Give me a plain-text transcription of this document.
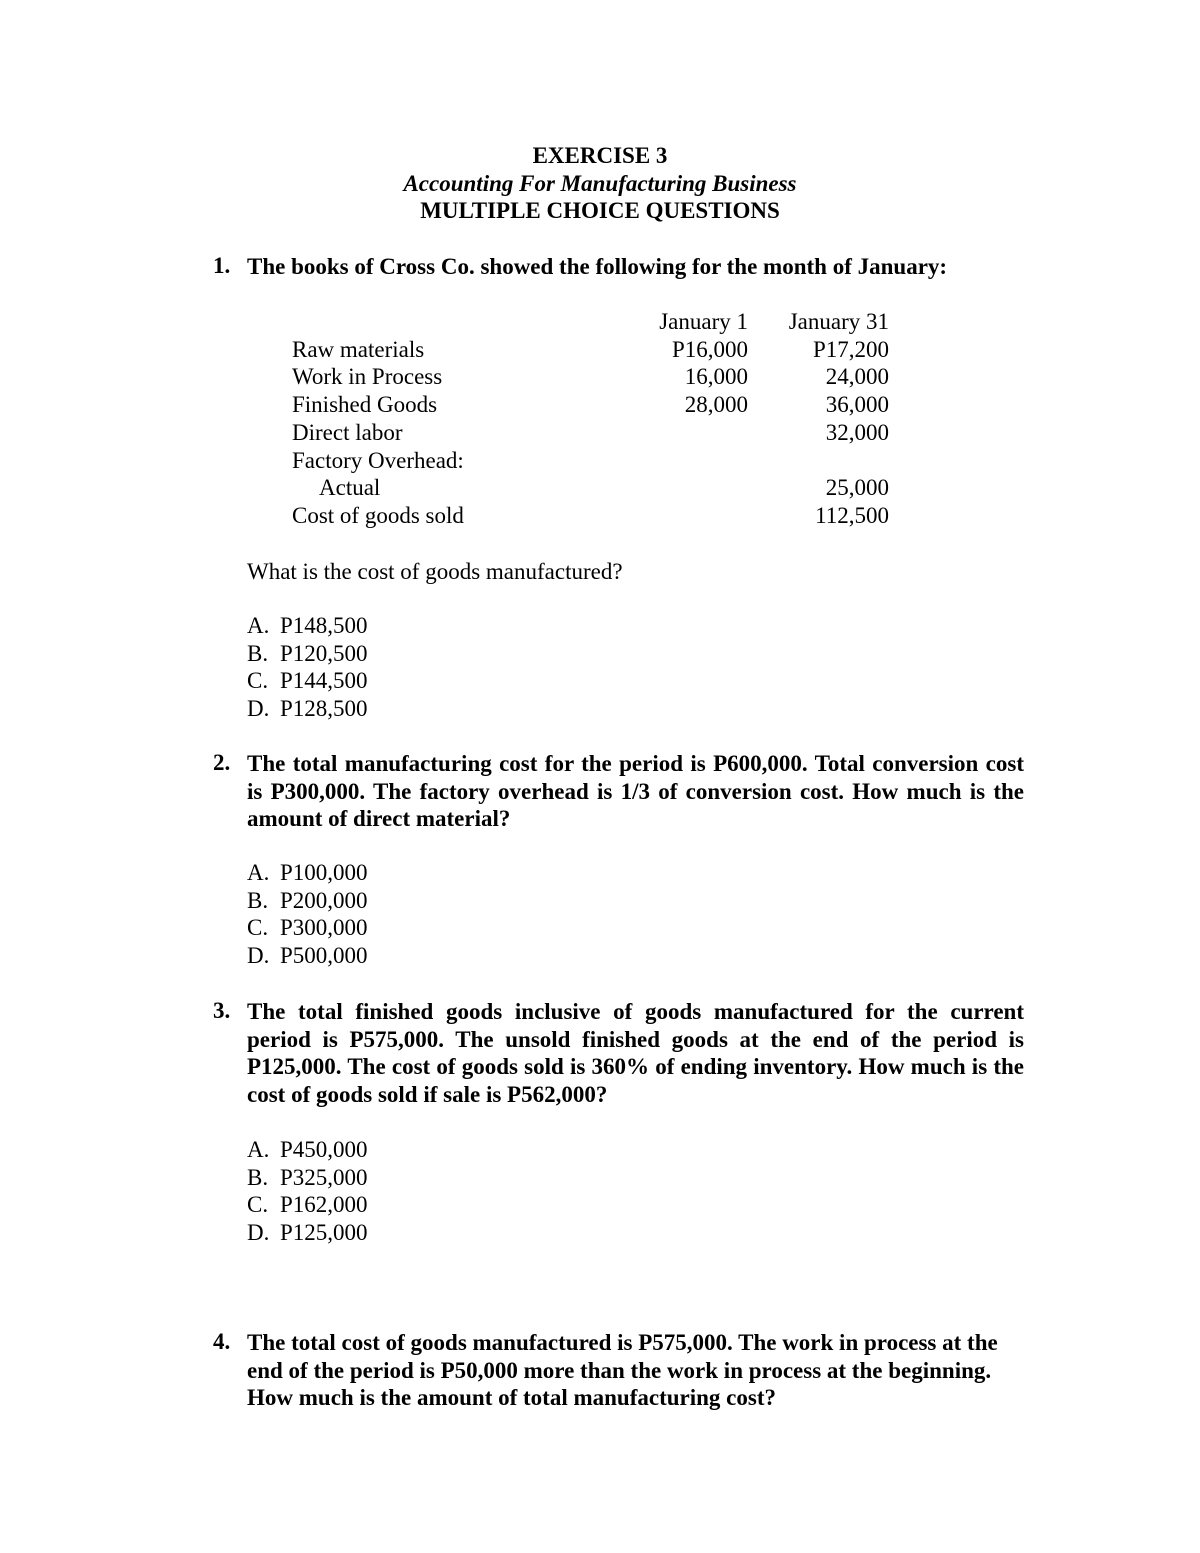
EXERCISE 3
Accounting For Manufacturing Business
MULTIPLE CHOICE QUESTIONS
1. The books of Cross Co. showed the following for the month of January:
	January 1	January 31
Raw materials	P16,000	P17,200
Work in Process	16,000	24,000
Finished Goods	28,000	36,000
Direct labor		32,000
Factory Overhead:		
Actual		25,000
Cost of goods sold		112,500
What is the cost of goods manufactured?
A. P148,500
B. P120,500
C. P144,500
D. P128,500
2. The total manufacturing cost for the period is P600,000. Total conversion cost is P300,000. The factory overhead is 1/3 of conversion cost. How much is the amount of direct material?
A. P100,000
B. P200,000
C. P300,000
D. P500,000
3. The total finished goods inclusive of goods manufactured for the current period is P575,000. The unsold finished goods at the end of the period is P125,000. The cost of goods sold is 360% of ending inventory. How much is the cost of goods sold if sale is P562,000?
A. P450,000
B. P325,000
C. P162,000
D. P125,000
4. The total cost of goods manufactured is P575,000. The work in process at the end of the period is P50,000 more than the work in process at the beginning. How much is the amount of total manufacturing cost?
